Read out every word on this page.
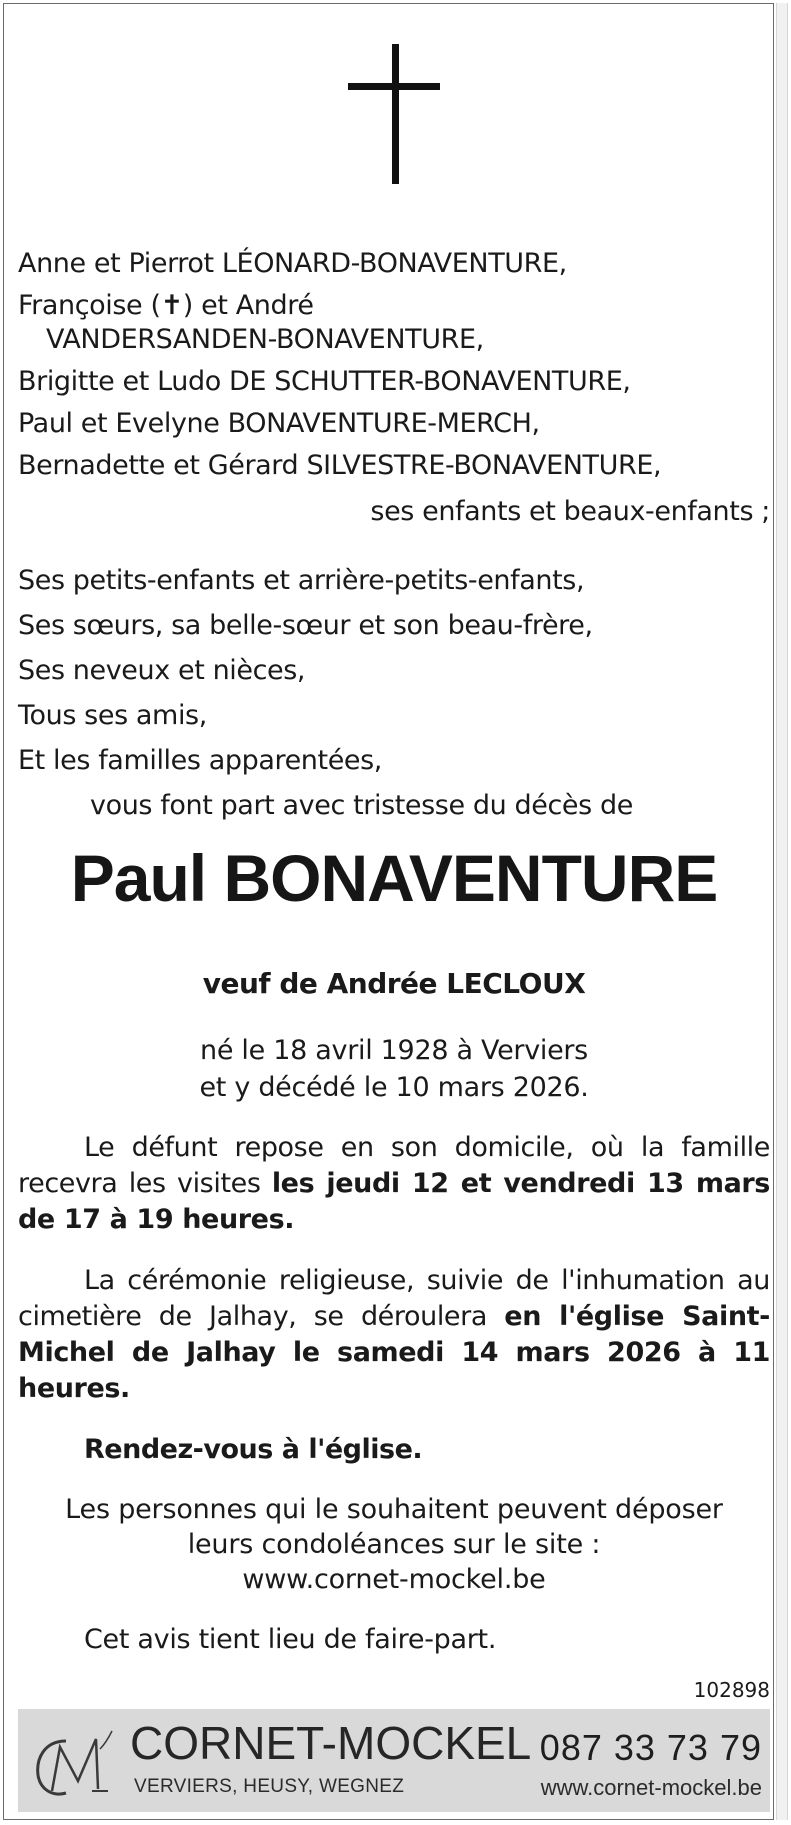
Anne et Pierrot LÉONARD-BONAVENTURE,
Françoise (✝) et André
VANDERSANDEN-BONAVENTURE,
Brigitte et Ludo DE SCHUTTER-BONAVENTURE,
Paul et Evelyne BONAVENTURE-MERCH,
Bernadette et Gérard SILVESTRE-BONAVENTURE,
ses enfants et beaux-enfants ;
Ses petits-enfants et arrière-petits-enfants,
Ses sœurs, sa belle-sœur et son beau-frère,
Ses neveux et nièces,
Tous ses amis,
Et les familles apparentées,
vous font part avec tristesse du décès de
Paul BONAVENTURE
veuf de Andrée LECLOUX
né le 18 avril 1928 à Verviers
et y décédé le 10 mars 2026.
Le défunt repose en son domicile, où la famille recevra les visites les jeudi 12 et vendredi 13 mars de 17 à 19 heures.
La cérémonie religieuse, suivie de l'inhumation au cimetière de Jalhay, se déroulera en l'église Saint-Michel de Jalhay le samedi 14 mars 2026 à 11 heures.
Rendez-vous à l'église.
Les personnes qui le souhaitent peuvent déposer
leurs condoléances sur le site :
www.cornet-mockel.be
Cet avis tient lieu de faire-part.
102898
CORNET-MOCKEL
VERVIERS, HEUSY, WEGNEZ
087 33 73 79
www.cornet-mockel.be
